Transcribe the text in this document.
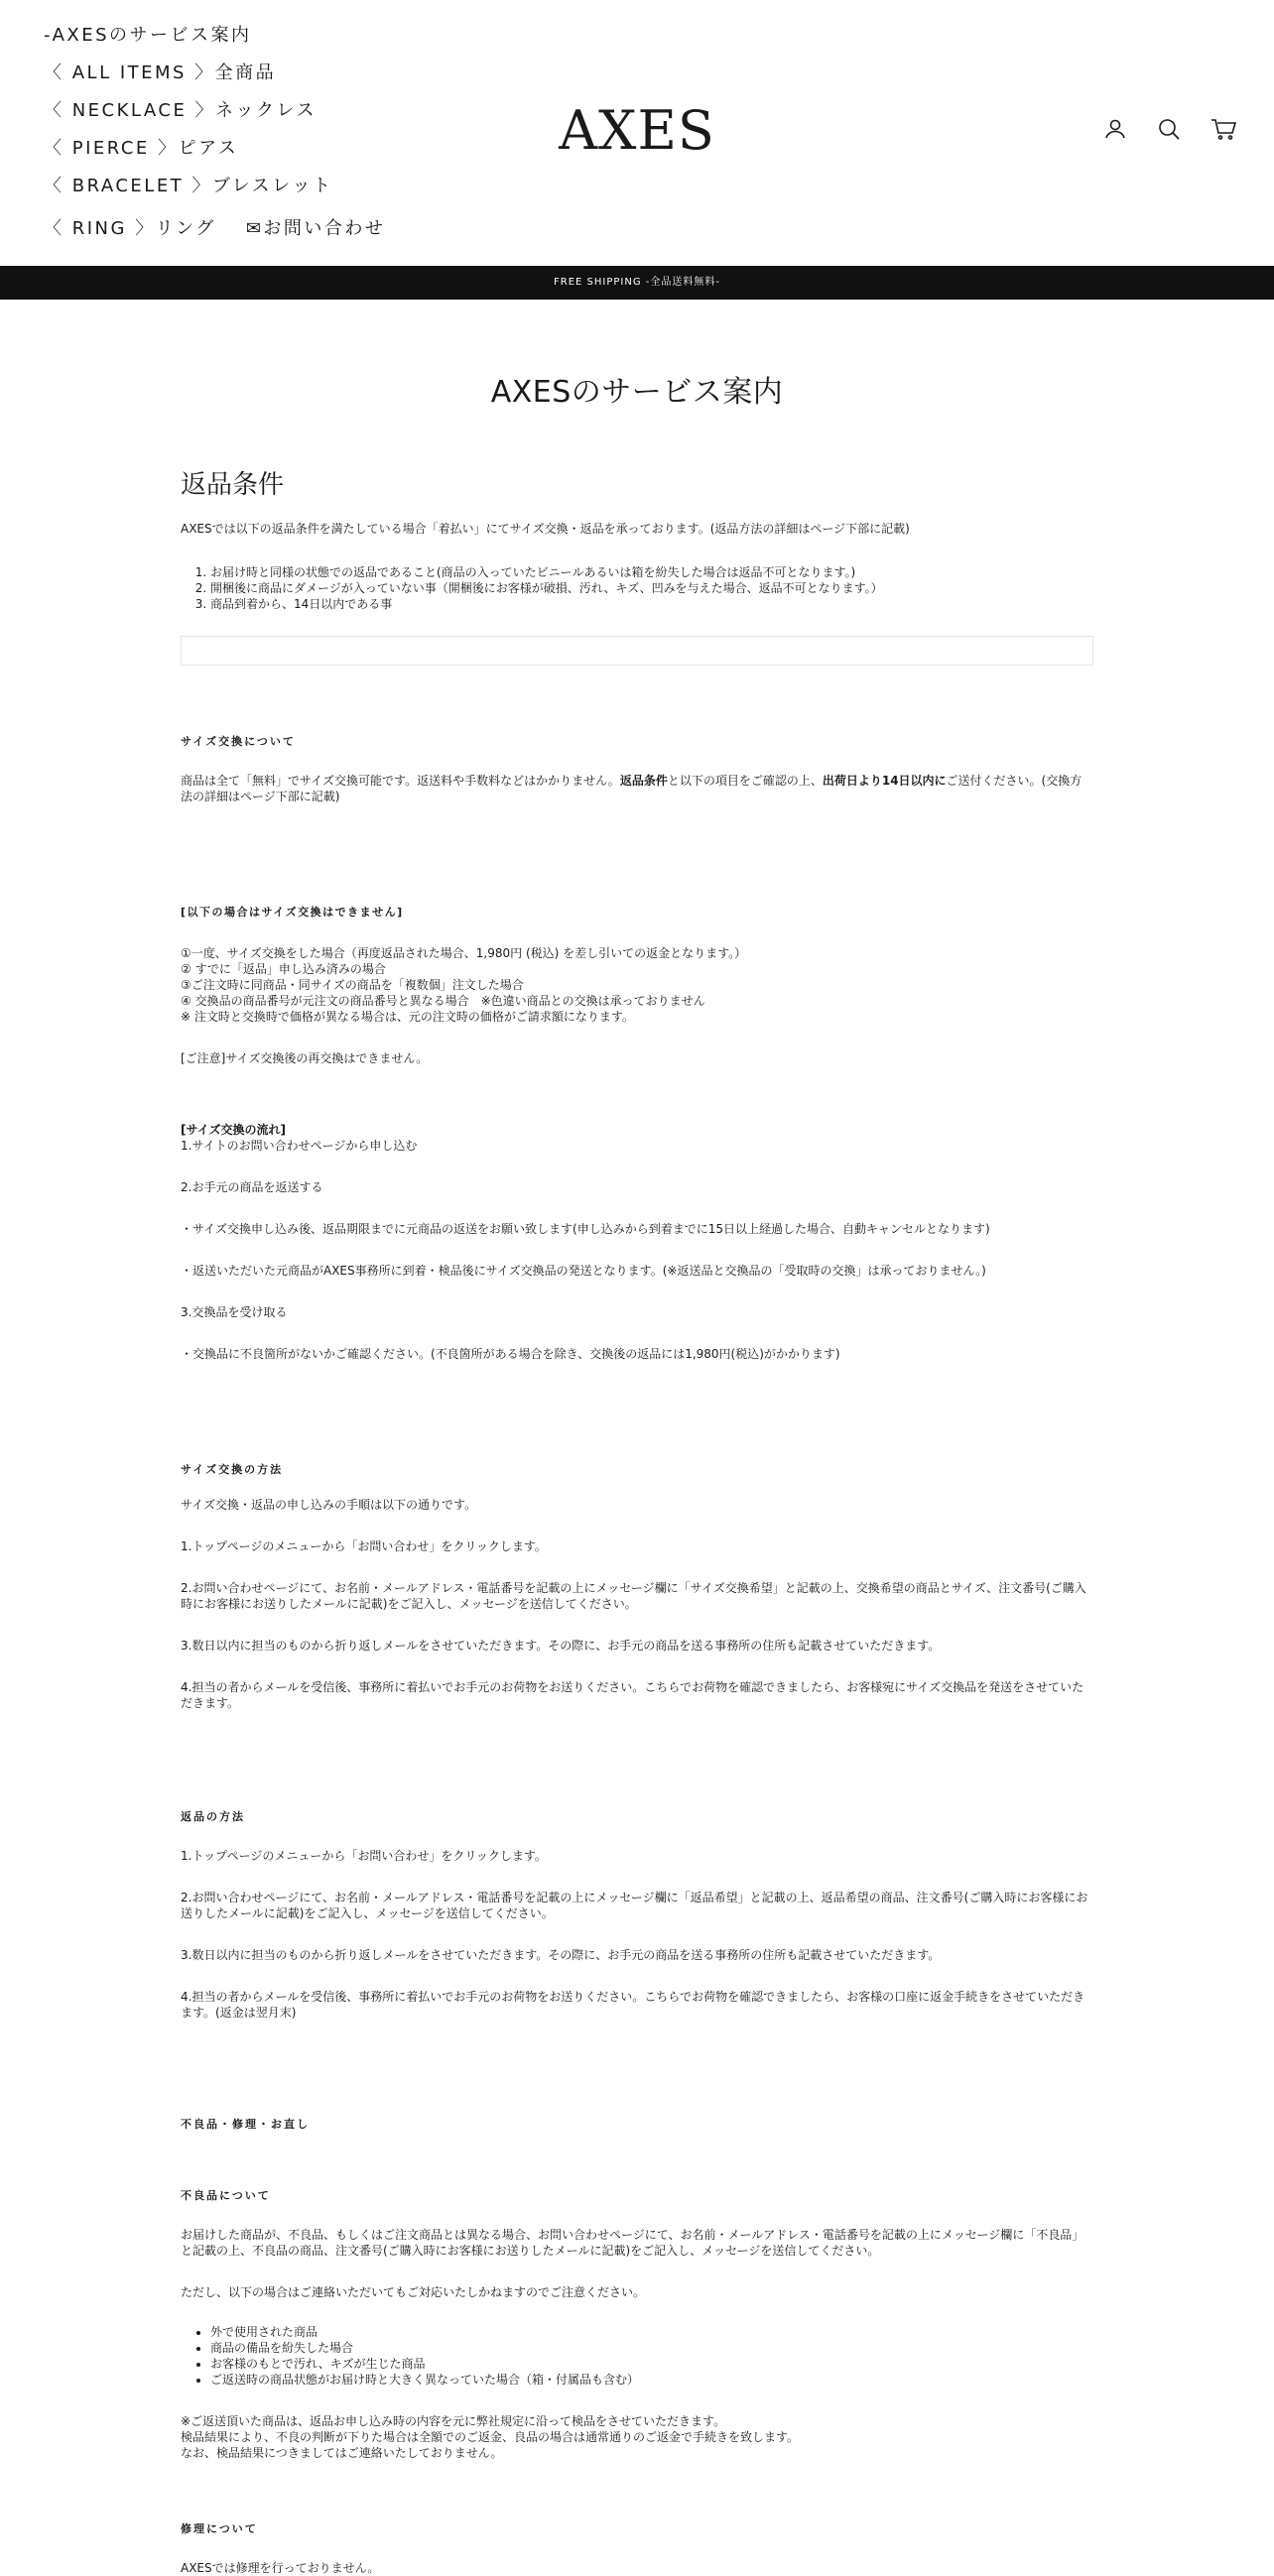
-AXESのサービス案内
〈 ALL ITEMS 〉全商品
〈 NECKLACE 〉ネックレス
〈 PIERCE 〉ピアス
〈 BRACELET 〉ブレスレット
〈 RING 〉リング ✉お問い合わせ
AXES
FREE SHIPPING -全品送料無料-
AXESのサービス案内
返品条件

AXESでは以下の返品条件を満たしている場合「着払い」にてサイズ交換・返品を承っております。(返品方法の詳細はページ下部に記載)

1. お届け時と同様の状態での返品であること(商品の入っていたビニールあるいは箱を紛失した場合は返品不可となります。)
2. 開梱後に商品にダメージが入っていない事（開梱後にお客様が破損、汚れ、キズ、凹みを与えた場合、返品不可となります。）
3. 商品到着から、14日以内である事
サイズ交換について

商品は全て「無料」でサイズ交換可能です。返送料や手数料などはかかりません。返品条件と以下の項目をご確認の上、出荷日より14日以内にご送付ください。(交換方法の詳細はページ下部に記載)

[以下の場合はサイズ交換はできません]

①一度、サイズ交換をした場合（再度返品された場合、1,980円 (税込) を差し引いての返金となります。）

② すでに「返品」申し込み済みの場合

③ご注文時に同商品・同サイズの商品を「複数個」注文した場合

④ 交換品の商品番号が元注文の商品番号と異なる場合　※色違い商品との交換は承っておりません

※ 注文時と交換時で価格が異なる場合は、元の注文時の価格がご請求額になります。

[ご注意]サイズ交換後の再交換はできません。

[サイズ交換の流れ]

1.サイトのお問い合わせページから申し込む

2.お手元の商品を返送する

・サイズ交換申し込み後、返品期限までに元商品の返送をお願い致します(申し込みから到着までに15日以上経過した場合、自動キャンセルとなります)

・返送いただいた元商品がAXES事務所に到着・検品後にサイズ交換品の発送となります。(※返送品と交換品の「受取時の交換」は承っておりません。)

3.交換品を受け取る

・交換品に不良箇所がないかご確認ください。(不良箇所がある場合を除き、交換後の返品には1,980円(税込)がかかります)

サイズ交換の方法

サイズ交換・返品の申し込みの手順は以下の通りです。

1.トップページのメニューから「お問い合わせ」をクリックします。

2.お問い合わせページにて、お名前・メールアドレス・電話番号を記載の上にメッセージ欄に「サイズ交換希望」と記載の上、交換希望の商品とサイズ、注文番号(ご購入時にお客様にお送りしたメールに記載)をご記入し、メッセージを送信してください。

3.数日以内に担当のものから折り返しメールをさせていただきます。その際に、お手元の商品を送る事務所の住所も記載させていただきます。

4.担当の者からメールを受信後、事務所に着払いでお手元のお荷物をお送りください。こちらでお荷物を確認できましたら、お客様宛にサイズ交換品を発送をさせていただきます。

返品の方法

1.トップページのメニューから「お問い合わせ」をクリックします。

2.お問い合わせページにて、お名前・メールアドレス・電話番号を記載の上にメッセージ欄に「返品希望」と記載の上、返品希望の商品、注文番号(ご購入時にお客様にお送りしたメールに記載)をご記入し、メッセージを送信してください。

3.数日以内に担当のものから折り返しメールをさせていただきます。その際に、お手元の商品を送る事務所の住所も記載させていただきます。

4.担当の者からメールを受信後、事務所に着払いでお手元のお荷物をお送りください。こちらでお荷物を確認できましたら、お客様の口座に返金手続きをさせていただきます。(返金は翌月末)

不良品・修理・お直し
不良品について

お届けした商品が、不良品、もしくはご注文商品とは異なる場合、お問い合わせページにて、お名前・メールアドレス・電話番号を記載の上にメッセージ欄に「不良品」と記載の上、不良品の商品、注文番号(ご購入時にお客様にお送りしたメールに記載)をご記入し、メッセージを送信してください。

ただし、以下の場合はご連絡いただいてもご対応いたしかねますのでご注意ください。

• 外で使用された商品
• 商品の備品を紛失した場合
• お客様のもとで汚れ、キズが生じた商品
• ご返送時の商品状態がお届け時と大きく異なっていた場合（箱・付属品も含む）

※ご返送頂いた商品は、返品お申し込み時の内容を元に弊社規定に沿って検品をさせていただきます。

検品結果により、不良の判断が下りた場合は全額でのご返金、良品の場合は通常通りのご返金で手続きを致します。

なお、検品結果につきましてはご連絡いたしておりません。

修理について

AXESでは修理を行っておりません。
